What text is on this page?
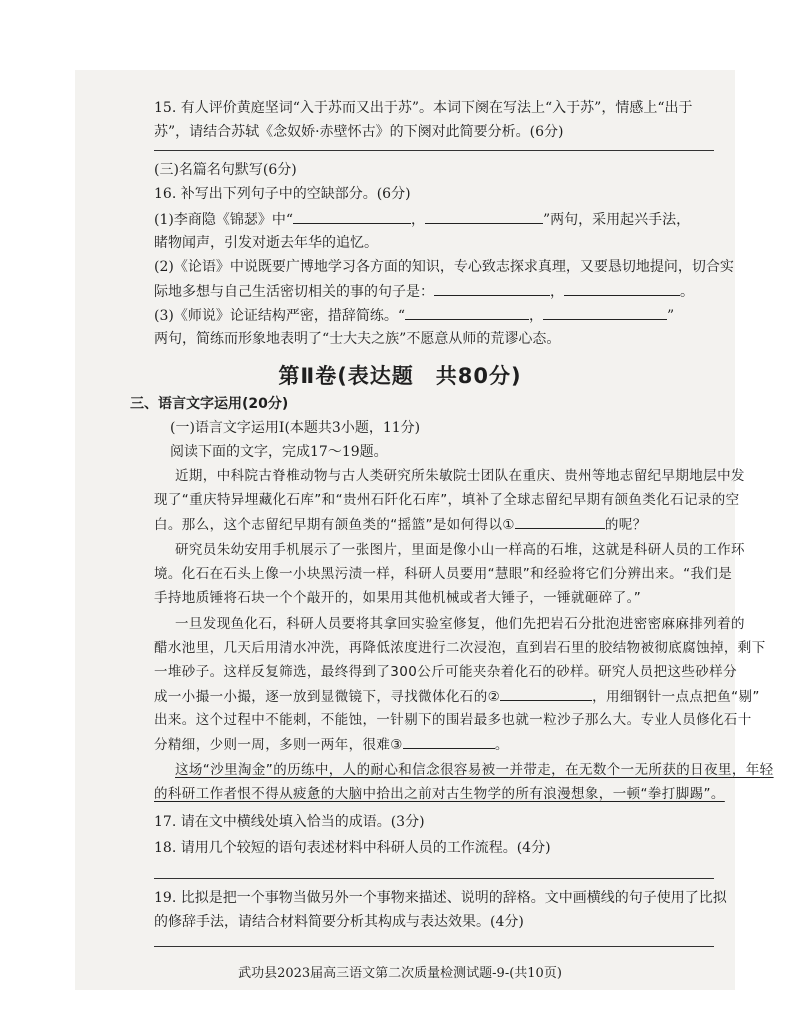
15. 有人评价黄庭坚词“入于苏而又出于苏”。本词下阕在写法上“入于苏”，情感上“出于
苏”，请结合苏轼《念奴娇·赤壁怀古》的下阕对此简要分析。(6分)
(三)名篇名句默写(6分)
16. 补写出下列句子中的空缺部分。(6分)
(1)李商隐《锦瑟》中“	，	”两句，采用起兴手法，
睹物闻声，引发对逝去年华的追忆。
(2)《论语》中说既要广博地学习各方面的知识，专心致志探求真理，又要恳切地提问，切合实
际地多想与自己生活密切相关的事的句子是：	，	。
(3)《师说》论证结构严密，措辞简练。“	，	”
两句，简练而形象地表明了“士大夫之族”不愿意从师的荒谬心态。
第Ⅱ卷(表达题　共80分)
三、语言文字运用(20分)
(一)语言文字运用Ⅰ(本题共3小题，11分)
阅读下面的文字，完成17～19题。
近期，中科院古脊椎动物与古人类研究所朱敏院士团队在重庆、贵州等地志留纪早期地层中发
现了“重庆特异埋藏化石库”和“贵州石阡化石库”，填补了全球志留纪早期有颌鱼类化石记录的空
白。那么，这个志留纪早期有颌鱼类的“摇篮”是如何得以①	的呢？
研究员朱幼安用手机展示了一张图片，里面是像小山一样高的石堆，这就是科研人员的工作环
境。化石在石头上像一小块黑污渍一样，科研人员要用“慧眼”和经验将它们分辨出来。“我们是
手持地质锤将石块一个个敲开的，如果用其他机械或者大锤子，一锤就砸碎了。”
一旦发现鱼化石，科研人员要将其拿回实验室修复，他们先把岩石分批泡进密密麻麻排列着的
醋水池里，几天后用清水冲洗，再降低浓度进行二次浸泡，直到岩石里的胶结物被彻底腐蚀掉，剩下
一堆砂子。这样反复筛选，最终得到了300公斤可能夹杂着化石的砂样。研究人员把这些砂样分
成一小撮一小撮，逐一放到显微镜下，寻找微体化石的②	，用细钢针一点点把鱼“剔”
出来。这个过程中不能刺，不能蚀，一针剔下的围岩最多也就一粒沙子那么大。专业人员修化石十
分精细，少则一周，多则一两年，很难③	。
这场“沙里淘金”的历练中，人的耐心和信念很容易被一并带走，在无数个一无所获的日夜里，年轻
的科研工作者恨不得从疲惫的大脑中拾出之前对古生物学的所有浪漫想象，一顿“拳打脚踢”。
17. 请在文中横线处填入恰当的成语。(3分)
18. 请用几个较短的语句表述材料中科研人员的工作流程。(4分)
19. 比拟是把一个事物当做另外一个事物来描述、说明的辞格。文中画横线的句子使用了比拟
的修辞手法，请结合材料简要分析其构成与表达效果。(4分)
武功县2023届高三语文第二次质量检测试题-9-(共10页)
